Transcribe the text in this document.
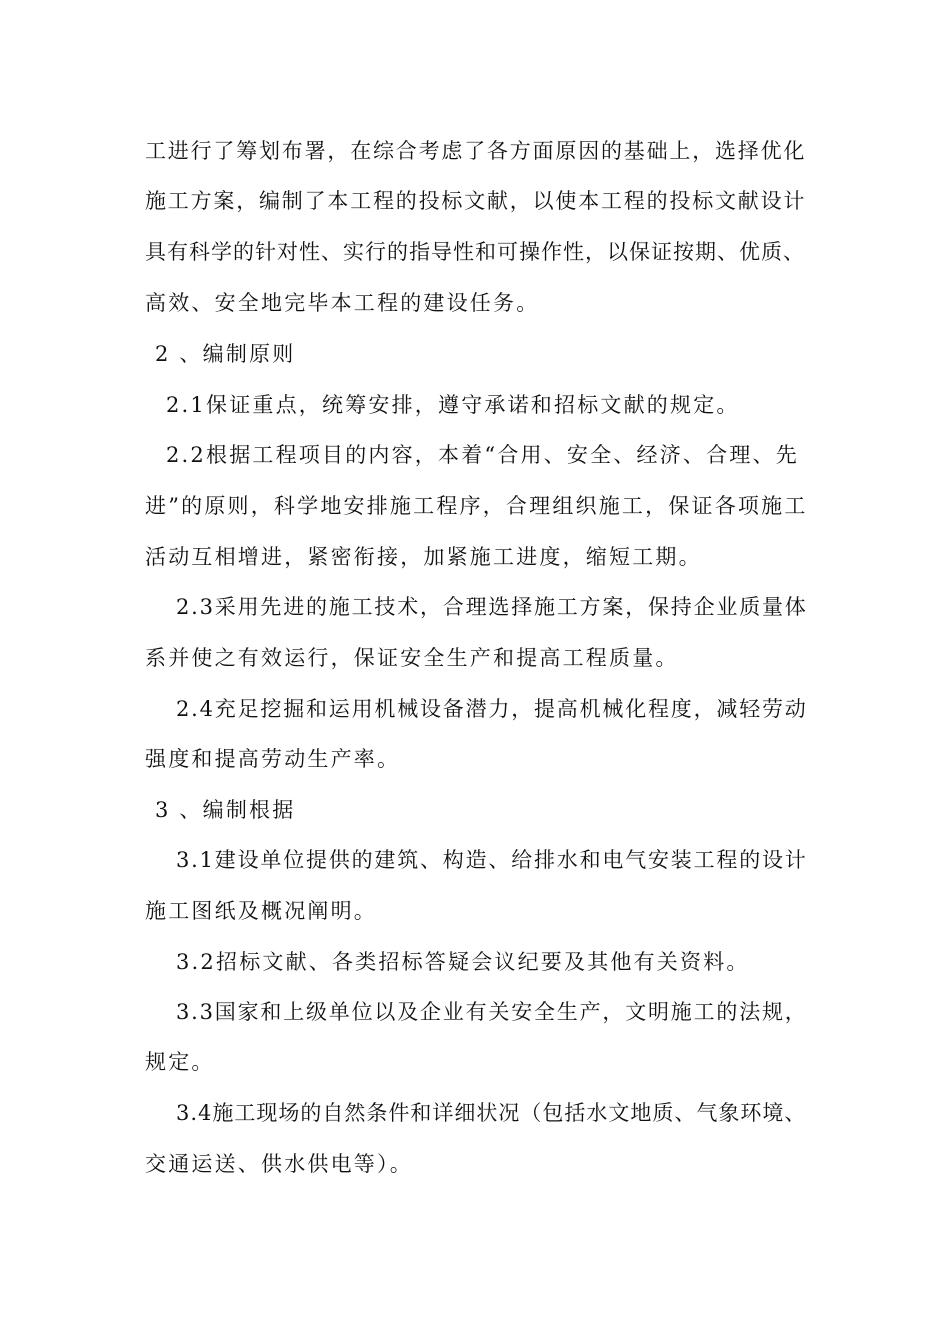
工进行了筹划布署，在综合考虑了各方面原因的基础上，选择优化
施工方案，编制了本工程的投标文献，以使本工程的投标文献设计
具有科学的针对性、实行的指导性和可操作性，以保证按期、优质、
高效、安全地完毕本工程的建设任务。
2 、编制原则
2.1保证重点，统筹安排，遵守承诺和招标文献的规定。
2.2根据工程项目的内容，本着“合用、安全、经济、合理、先
进”的原则，科学地安排施工程序，合理组织施工，保证各项施工
活动互相增进，紧密衔接，加紧施工进度，缩短工期。
2.3采用先进的施工技术，合理选择施工方案，保持企业质量体
系并使之有效运行，保证安全生产和提高工程质量。
2.4充足挖掘和运用机械设备潜力，提高机械化程度，减轻劳动
强度和提高劳动生产率。
3 、编制根据
3.1建设单位提供的建筑、构造、给排水和电气安装工程的设计
施工图纸及概况阐明。
3.2招标文献、各类招标答疑会议纪要及其他有关资料。
3.3国家和上级单位以及企业有关安全生产，文明施工的法规，
规定。
3.4施工现场的自然条件和详细状况（包括水文地质、气象环境、
交通运送、供水供电等）。
